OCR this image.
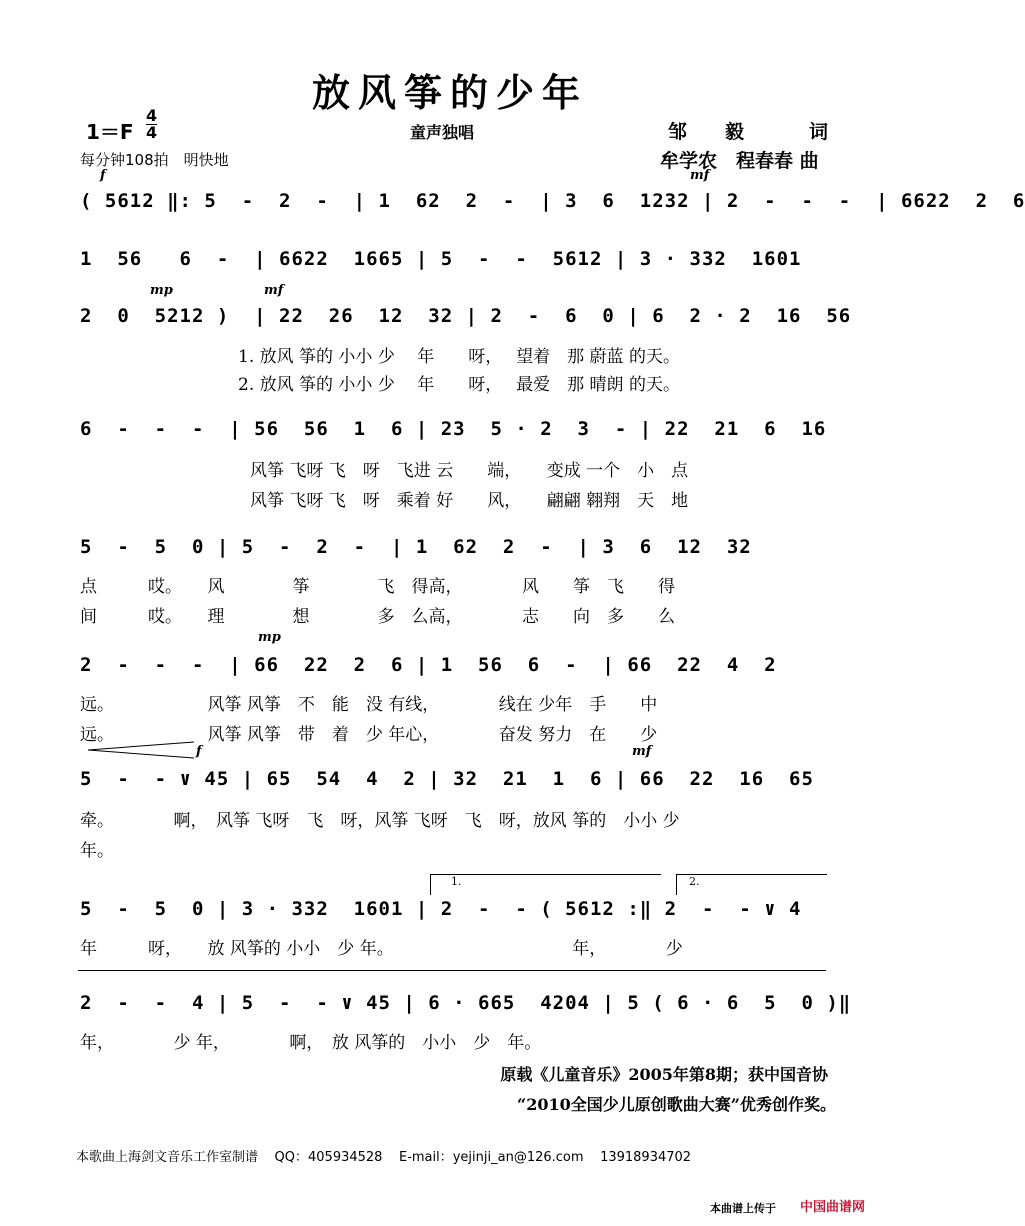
放风筝的少年
1＝F
4
4	童声独唱	邹　　毅	词
每分钟108拍　明快地	牟学农　程春春 曲
f	mf
mp	mf
mp
f	mf
( 5612 ‖: 5  -  2  -  | 1  62  2  -  | 3  6  1232 | 2  -  -  -  | 6622  2  6
1  56   6  -  | 6622  1665 | 5  -  -  5612 | 3 · 332  1601
2  0  5212 )  | 22  26  12  32 | 2  -  6  0 | 6  2 · 2  16  56
1. 放风 筝的 小小 少　 年　　呀，　 望着　那 蔚蓝 的天。
2. 放风 筝的 小小 少　 年　　呀，　 最爱　那 晴朗 的天。
6  -  -  -  | 56  56  1  6 | 23  5 · 2  3  - | 22  21  6  16
风筝 飞呀 飞　呀　飞进 云　　端，　　变成 一个　小　点
风筝 飞呀 飞　呀　乘着 好　　风，　　翩翩 翱翔　天　地
5  -  5  0 | 5  -  2  -  | 1  62  2  -  | 3  6  12  32
点　　　哎。　　风　　　　筝　　　　飞　得高，　　　　风　　筝　飞　　得
间　　　哎。　　理　　　　想　　　　多　么高，　　　　志　　向　多　　么
2  -  -  -  | 66  22  2  6 | 1  56  6  -  | 66  22  4  2
远。　　　　　　风筝 风筝　不　能　没 有线，　　　　线在 少年　手　　中
远。　　　　　　风筝 风筝　带　着　少 年心，　　　　奋发 努力　在　　少
5  -  - ∨ 45 | 65  54  4  2 | 32  21  1  6 | 66  22  16  65
牵。　　　　啊，　风筝 飞呀　飞　呀，风筝 飞呀　飞　呀，放风 筝的　小小 少
年。
1.	2.
5  -  5  0 | 3 · 332  1601 | 2  -  - ( 5612 :‖ 2  -  - ∨ 4
年　　　呀，　　放 风筝的 小小　少 年。　　　　　　　　　　　年，　　　　少
2  -  -  4 | 5  -  - ∨ 45 | 6 · 665  4204 | 5 ( 6 · 6  5  0 )‖
年，　　　　少 年，　　　　啊，　放 风筝的　小小　少　年。
原载《儿童音乐》2005年第8期；获中国音协
“2010全国少儿原创歌曲大赛”优秀创作奖。
本歌曲上海剑文音乐工作室制谱 QQ：405934528 E-mail：yejinji_an@126.com 13918934702
本曲谱上传于 中国曲谱网
